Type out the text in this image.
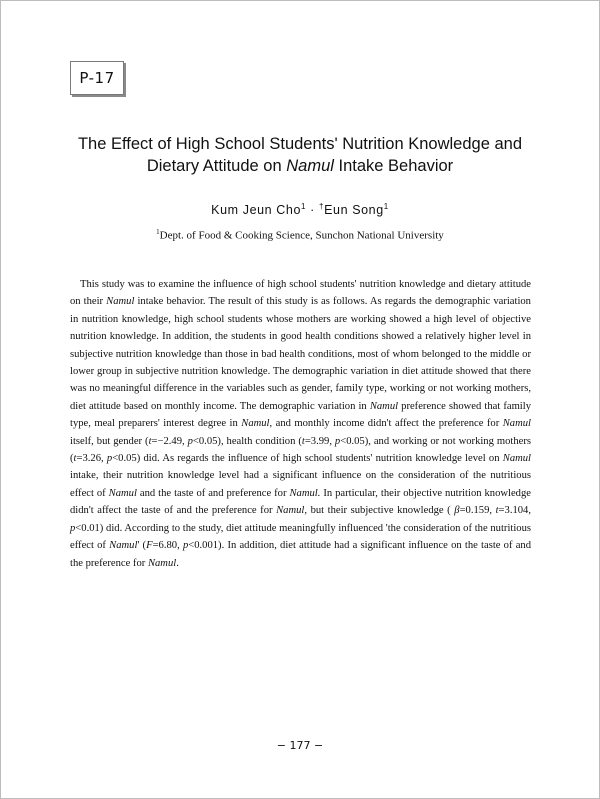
P-17
The Effect of High School Students' Nutrition Knowledge and
Dietary Attitude on Namul Intake Behavior
Kum Jeun Cho$^1$ · †Eun Song$^1$
$^1$Dept. of Food & Cooking Science, Sunchon National University
This study was to examine the influence of high school students' nutrition knowledge and dietary attitude on their Namul intake behavior. The result of this study is as follows. As regards the demographic variation in nutrition knowledge, high school students whose mothers are working showed a high level of objective nutrition knowledge. In addition, the students in good health conditions showed a relatively higher level in subjective nutrition knowledge than those in bad health conditions, most of whom belonged to the middle or lower group in subjective nutrition knowledge. The demographic variation in diet attitude showed that there was no meaningful difference in the variables such as gender, family type, working or not working mothers, diet attitude based on monthly income. The demographic variation in Namul preference showed that family type, meal preparers' interest degree in Namul, and monthly income didn't affect the preference for Namul itself, but gender (t=−2.49, p<0.05), health condition (t=3.99, p<0.05), and working or not working mothers (t=3.26, p<0.05) did. As regards the influence of high school students' nutrition knowledge level on Namul intake, their nutrition knowledge level had a significant influence on the consideration of the nutritious effect of Namul and the taste of and preference for Namul. In particular, their objective nutrition knowledge didn't affect the taste of and the preference for Namul, but their subjective knowledge ( β=0.159, t=3.104, p<0.01) did. According to the study, diet attitude meaningfully influenced 'the consideration of the nutritious effect of Namul' (F=6.80, p<0.001). In addition, diet attitude had a significant influence on the taste of and the preference for Namul.
− 177 −
